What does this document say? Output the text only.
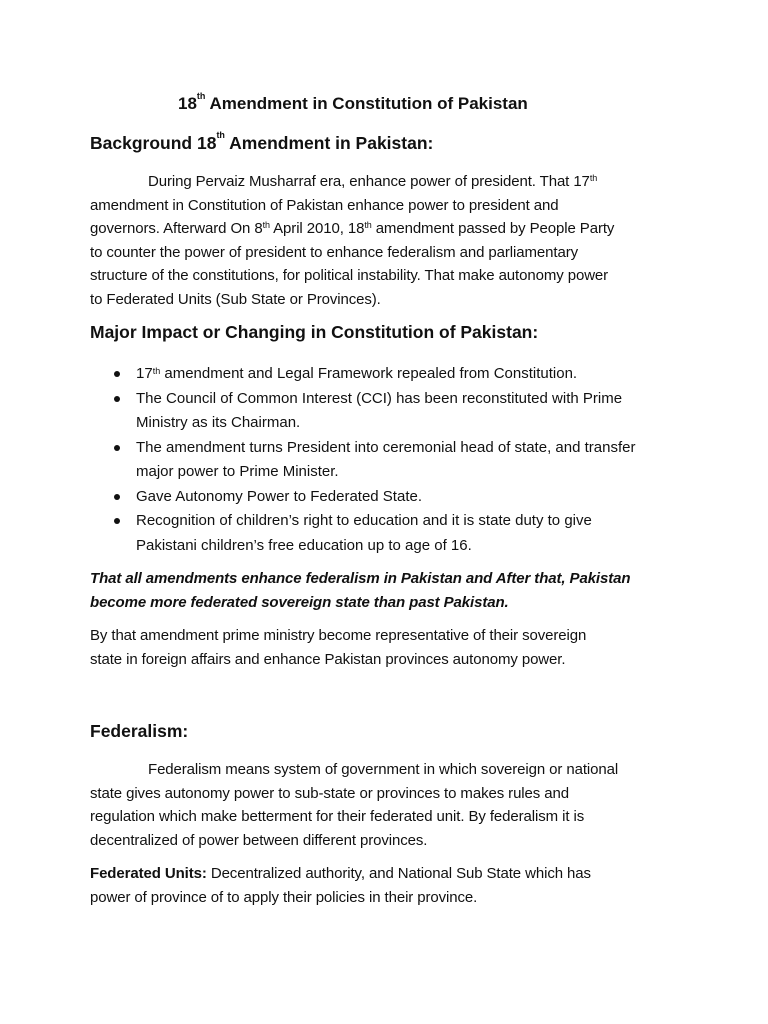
18th Amendment in Constitution of Pakistan
Background 18th Amendment in Pakistan:

During Pervaiz Musharraf era, enhance power of president. That 17th

amendment in Constitution of Pakistan enhance power to president and

governors. Afterward On 8th April 2010, 18th amendment passed by People Party

to counter the power of president to enhance federalism and parliamentary

structure of the constitutions, for political instability. That make autonomy power

to Federated Units (Sub State or Provinces).

Major Impact or Changing in Constitution of Pakistan:
17th amendment and Legal Framework repealed from Constitution.
The Council of Common Interest (CCI) has been reconstituted with Prime
Ministry as its Chairman.
The amendment turns President into ceremonial head of state, and transfer
major power to Prime Minister.
Gave Autonomy Power to Federated State.
Recognition of children’s right to education and it is state duty to give
Pakistani children’s free education up to age of 16.

That all amendments enhance federalism in Pakistan and After that, Pakistan

become more federated sovereign state than past Pakistan.

By that amendment prime ministry become representative of their sovereign

state in foreign affairs and enhance Pakistan provinces autonomy power.

Federalism:

Federalism means system of government in which sovereign or national

state gives autonomy power to sub-state or provinces to makes rules and

regulation which make betterment for their federated unit. By federalism it is

decentralized of power between different provinces.

Federated Units: Decentralized authority, and National Sub State which has

power of province of to apply their policies in their province.
